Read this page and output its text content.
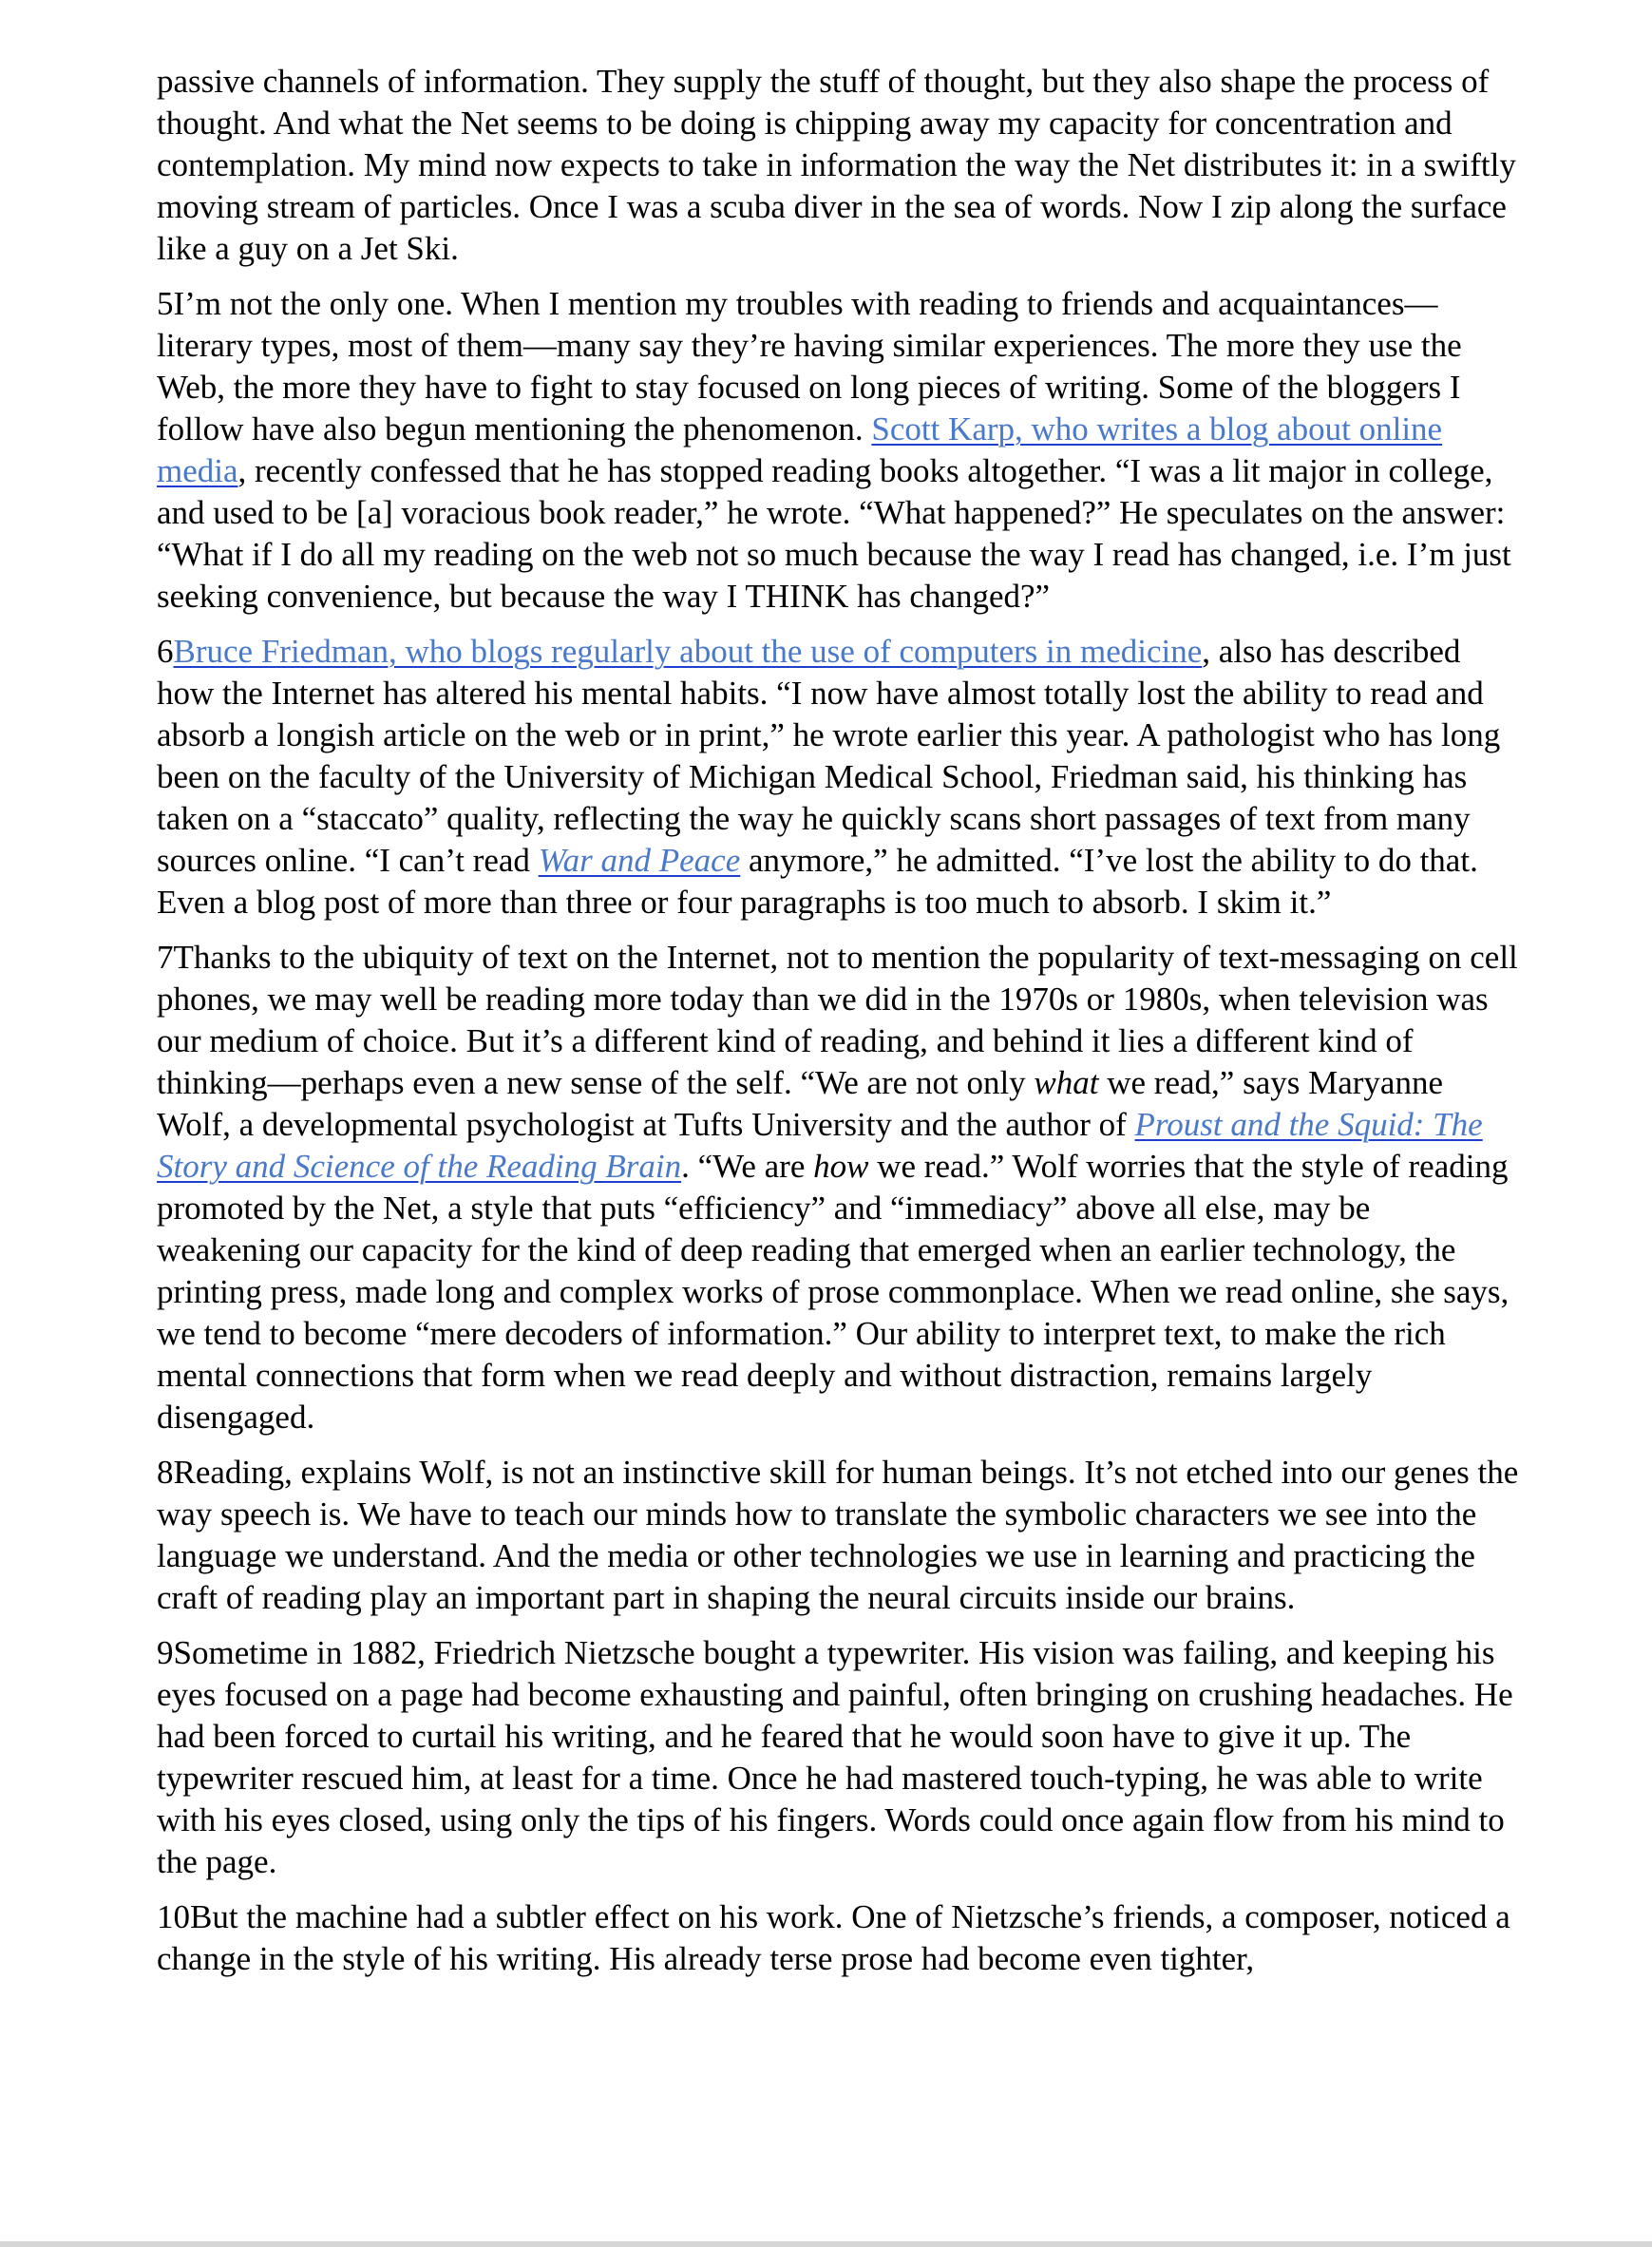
passive channels of information. They supply the stuff of thought, but they also shape the process of thought. And what the Net seems to be doing is chipping away my capacity for concentration and contemplation. My mind now expects to take in information the way the Net distributes it: in a swiftly moving stream of particles. Once I was a scuba diver in the sea of words. Now I zip along the surface like a guy on a Jet Ski.

5I’m not the only one. When I mention my troubles with reading to friends and acquaintances—literary types, most of them—many say they’re having similar experiences. The more they use the Web, the more they have to fight to stay focused on long pieces of writing. Some of the bloggers I follow have also begun mentioning the phenomenon. Scott Karp, who writes a blog about online media, recently confessed that he has stopped reading books altogether. “I was a lit major in college, and used to be [a] voracious book reader,” he wrote. “What happened?” He speculates on the answer: “What if I do all my reading on the web not so much because the way I read has changed, i.e. I’m just seeking convenience, but because the way I THINK has changed?”

6Bruce Friedman, who blogs regularly about the use of computers in medicine, also has described how the Internet has altered his mental habits. “I now have almost totally lost the ability to read and absorb a longish article on the web or in print,” he wrote earlier this year. A pathologist who has long been on the faculty of the University of Michigan Medical School, Friedman said, his thinking has taken on a “staccato” quality, reflecting the way he quickly scans short passages of text from many sources online. “I can’t read War and Peace anymore,” he admitted. “I’ve lost the ability to do that. Even a blog post of more than three or four paragraphs is too much to absorb. I skim it.”

7Thanks to the ubiquity of text on the Internet, not to mention the popularity of text-messaging on cell phones, we may well be reading more today than we did in the 1970s or 1980s, when television was our medium of choice. But it’s a different kind of reading, and behind it lies a different kind of thinking—perhaps even a new sense of the self. “We are not only what we read,” says Maryanne Wolf, a developmental psychologist at Tufts University and the author of Proust and the Squid: The Story and Science of the Reading Brain. “We are how we read.” Wolf worries that the style of reading promoted by the Net, a style that puts “efficiency” and “immediacy” above all else, may be weakening our capacity for the kind of deep reading that emerged when an earlier technology, the printing press, made long and complex works of prose commonplace. When we read online, she says, we tend to become “mere decoders of information.” Our ability to interpret text, to make the rich mental connections that form when we read deeply and without distraction, remains largely disengaged.

8Reading, explains Wolf, is not an instinctive skill for human beings. It’s not etched into our genes the way speech is. We have to teach our minds how to translate the symbolic characters we see into the language we understand. And the media or other technologies we use in learning and practicing the craft of reading play an important part in shaping the neural circuits inside our brains.

9Sometime in 1882, Friedrich Nietzsche bought a typewriter. His vision was failing, and keeping his eyes focused on a page had become exhausting and painful, often bringing on crushing headaches. He had been forced to curtail his writing, and he feared that he would soon have to give it up. The typewriter rescued him, at least for a time. Once he had mastered touch-typing, he was able to write with his eyes closed, using only the tips of his fingers. Words could once again flow from his mind to the page.

10But the machine had a subtler effect on his work. One of Nietzsche’s friends, a composer, noticed a change in the style of his writing. His already terse prose had become even tighter,
